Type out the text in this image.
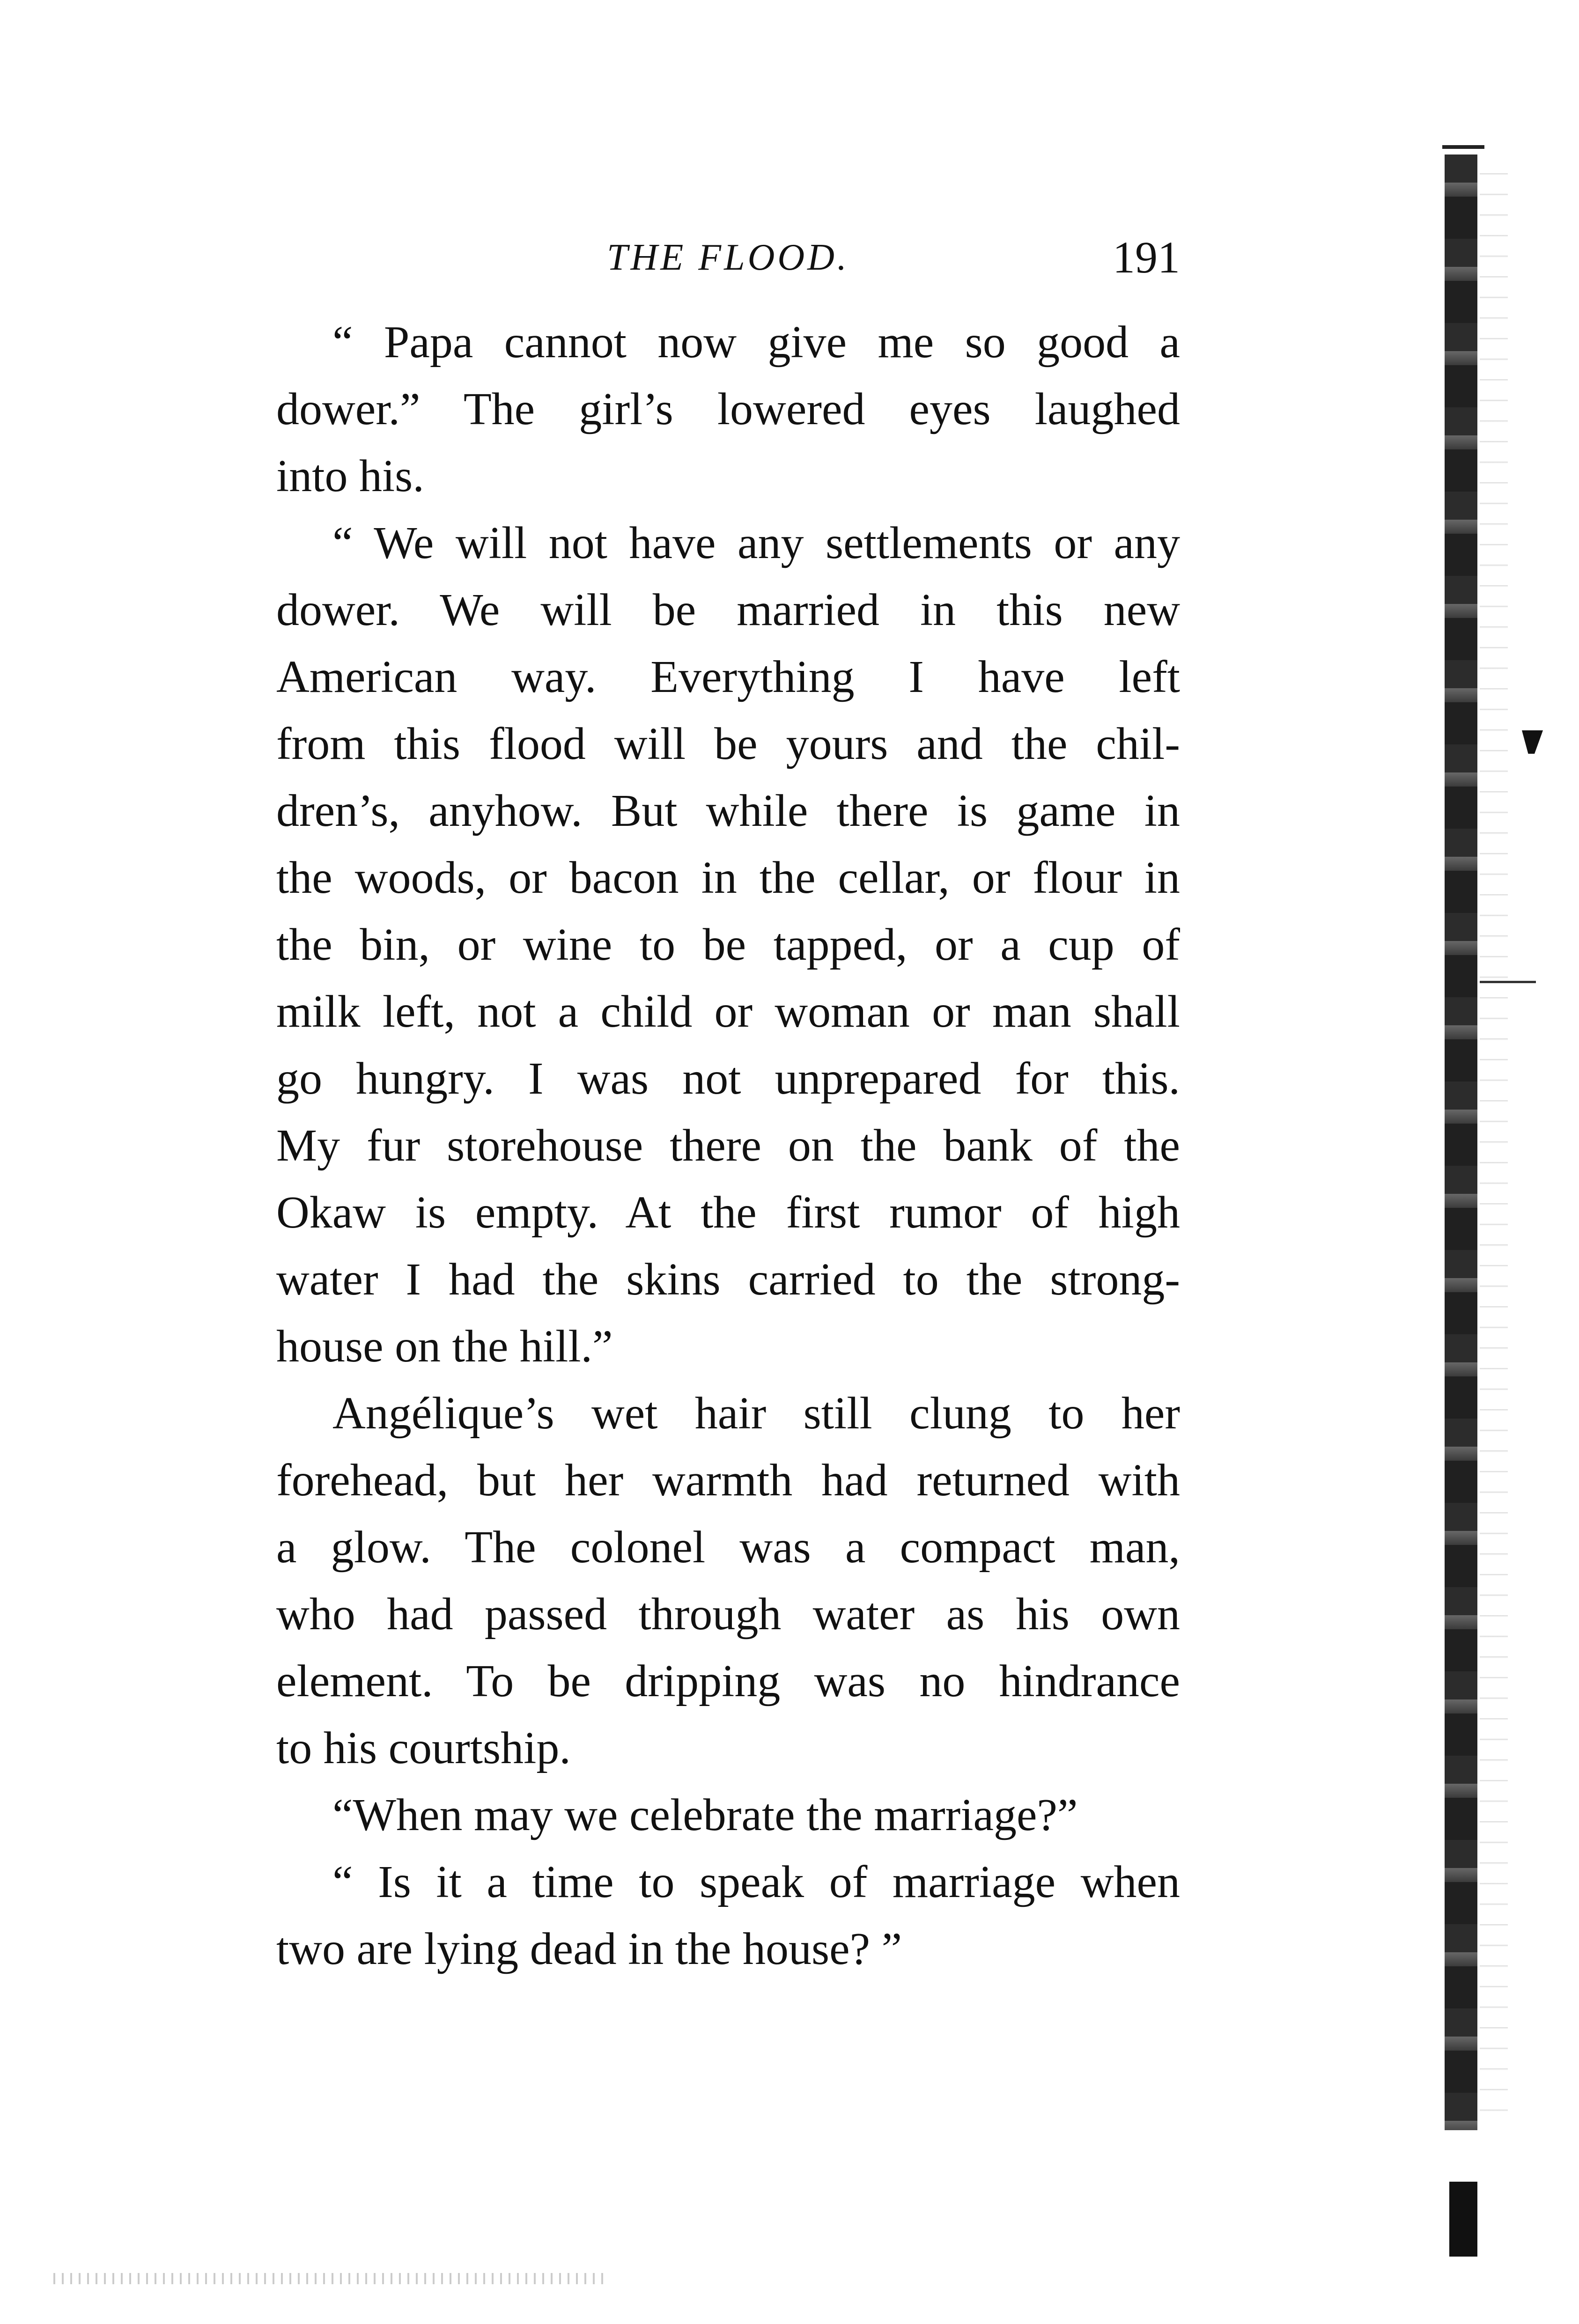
THE FLOOD.	191
“ Papa cannot now give me so good a
dower.” The girl’s lowered eyes laughed
into his.
“ We will not have any settlements or any
dower. We will be married in this new
American way. Everything I have left
from this flood will be yours and the chil-
dren’s, anyhow. But while there is game in
the woods, or bacon in the cellar, or flour in
the bin, or wine to be tapped, or a cup of
milk left, not a child or woman or man shall
go hungry. I was not unprepared for this.
My fur storehouse there on the bank of the
Okaw is empty. At the first rumor of high
water I had the skins carried to the strong-
house on the hill.”
Angélique’s wet hair still clung to her
forehead, but her warmth had returned with
a glow. The colonel was a compact man,
who had passed through water as his own
element. To be dripping was no hindrance
to his courtship.
“When may we celebrate the marriage?”
“ Is it a time to speak of marriage when
two are lying dead in the house? ”
